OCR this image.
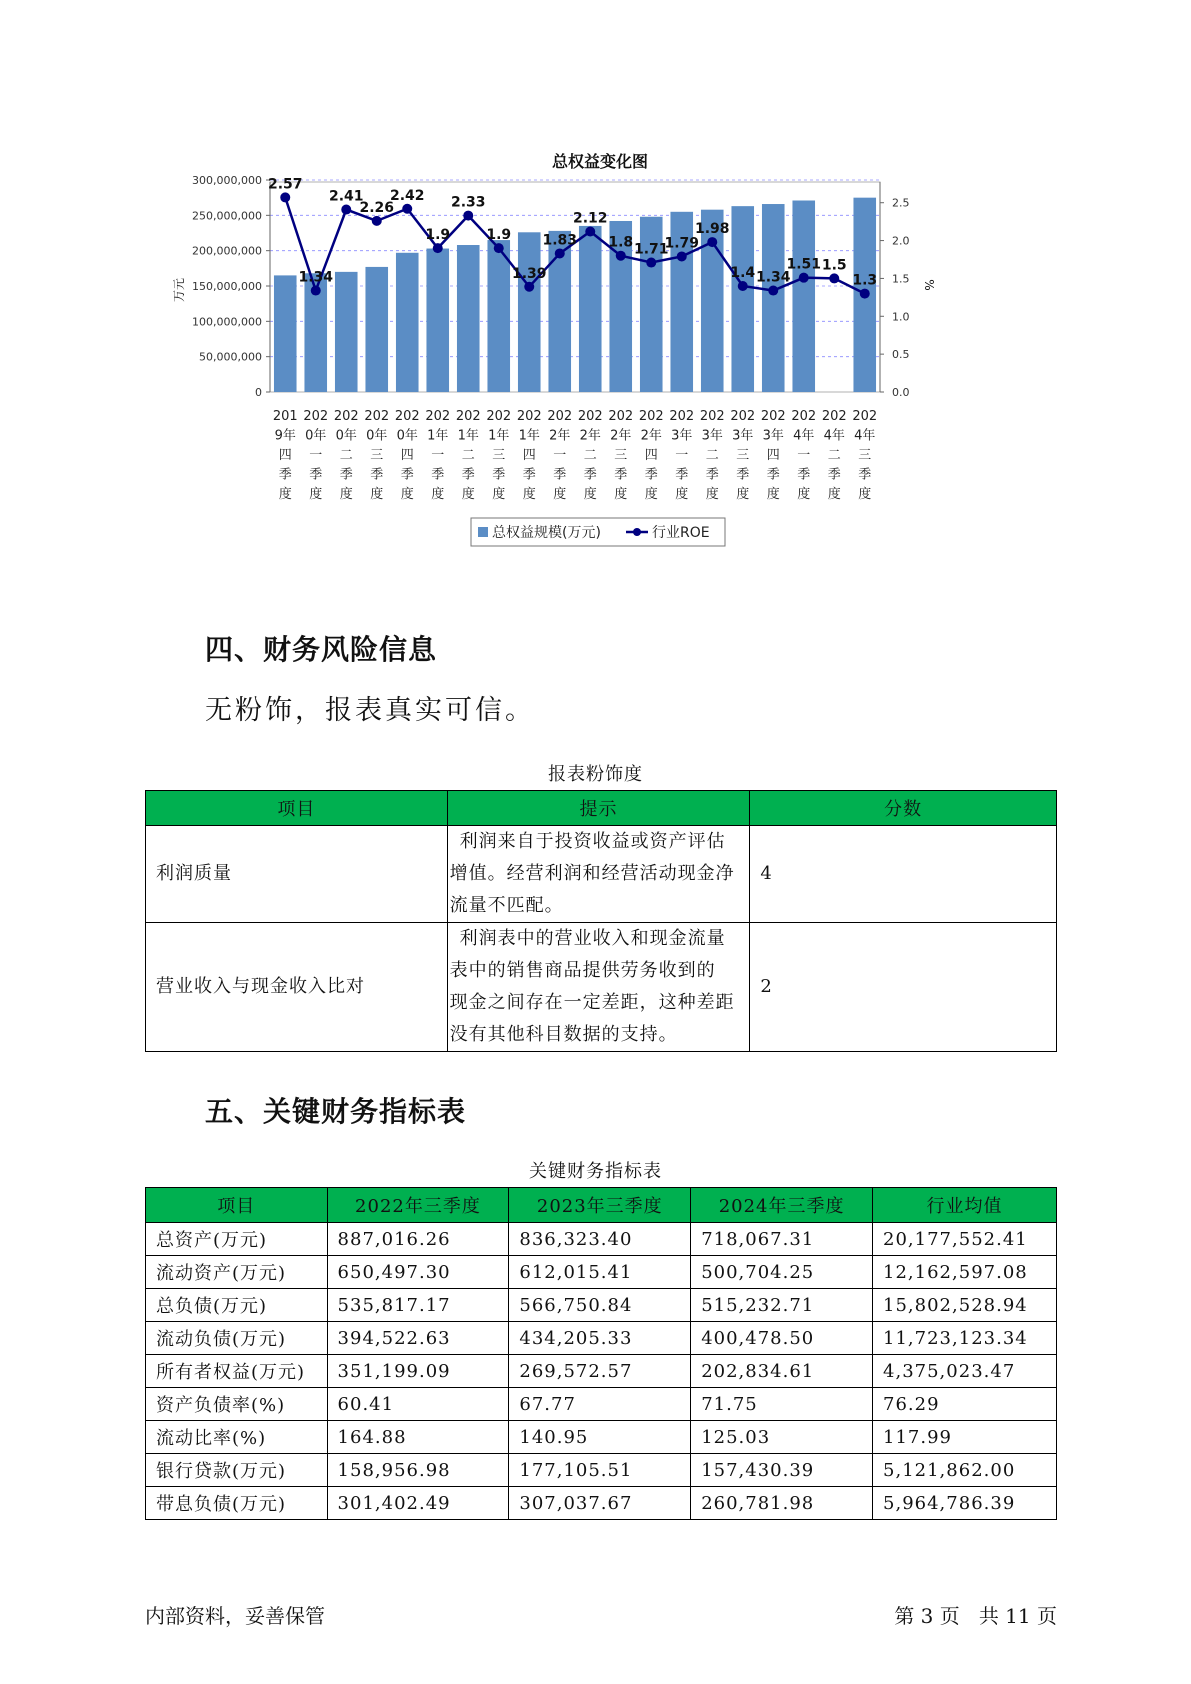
总权益变化图
300,000,000
250,000,000
200,000,000
150,000,000
100,000,000
50,000,000
0
2.5
2.0
1.5
1.0
0.5
0.0
万元	%
2.57
1.34
2.41
2.26
2.42
1.9
2.33
1.9
1.39
1.83
2.12
1.8 1.71
1.79
1.98
1.4 1.34
1.51 1.5
1.3
201
9年
四
季
度
202
0年
一
季
度
202
0年
二
季
度
202
0年
三
季
度
202
0年
四
季
度
202
1年
一
季
度
202
1年
二
季
度
202
1年
三
季
度
202
1年
四
季
度
202
2年
一
季
度
202
2年
二
季
度
202
2年
三
季
度
202
2年
四
季
度
202
3年
一
季
度
202
3年
二
季
度
202
3年
三
季
度
202
3年
四
季
度
202
4年
一
季
度
202
4年
二
季
度
202
4年
三
季
度
总权益规模(万元)	行业ROE
四、财务风险信息
无粉饰，报表真实可信。
报表粉饰度
项目	提示	分数
利润质量	利润来自于投资收益或资产评估
增值。经营利润和经营活动现金净
流量不匹配。	4
营业收入与现金收入比对	利润表中的营业收入和现金流量
表中的销售商品提供劳务收到的
现金之间存在一定差距，这种差距
没有其他科目数据的支持。	2
五、关键财务指标表
关键财务指标表
项目	2022年三季度	2023年三季度	2024年三季度	行业均值
总资产(万元)	887,016.26	836,323.40	718,067.31	20,177,552.41
流动资产(万元)	650,497.30	612,015.41	500,704.25	12,162,597.08
总负债(万元)	535,817.17	566,750.84	515,232.71	15,802,528.94
流动负债(万元)	394,522.63	434,205.33	400,478.50	11,723,123.34
所有者权益(万元)	351,199.09	269,572.57	202,834.61	4,375,023.47
资产负债率(%)	60.41	67.77	71.75	76.29
流动比率(%)	164.88	140.95	125.03	117.99
银行贷款(万元)	158,956.98	177,105.51	157,430.39	5,121,862.00
带息负债(万元)	301,402.49	307,037.67	260,781.98	5,964,786.39
内部资料，妥善保管	第 3 页   共 11 页
